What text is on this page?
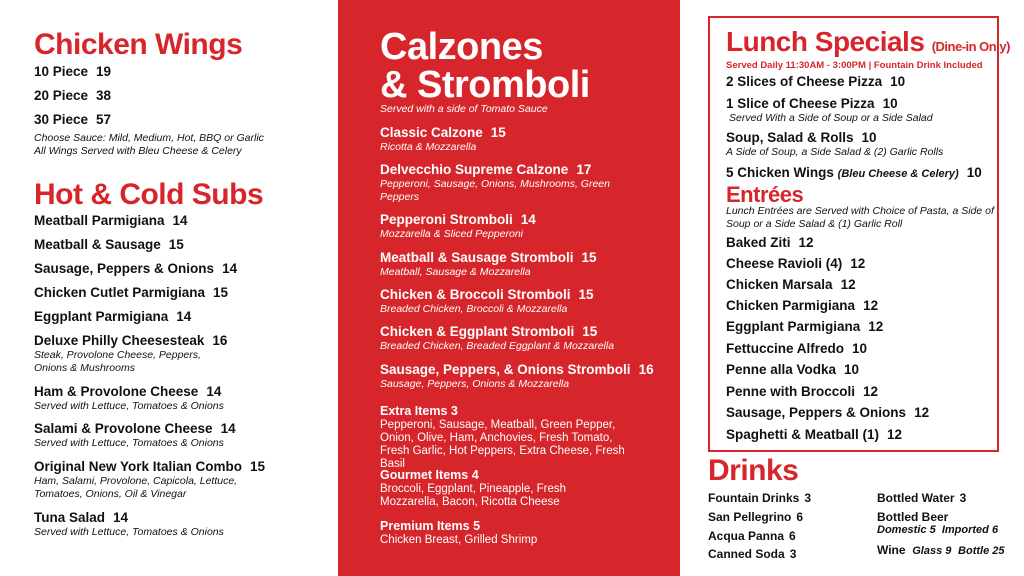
Chicken Wings
10 Piece 19
20 Piece 38
30 Piece 57
Choose Sauce: Mild, Medium, Hot, BBQ or Garlic
All Wings Served with Bleu Cheese & Celery
Hot & Cold Subs
Meatball Parmigiana 14
Meatball & Sausage 15
Sausage, Peppers & Onions 14
Chicken Cutlet Parmigiana 15
Eggplant Parmigiana 14
Deluxe Philly Cheesesteak 16
Steak, Provolone Cheese, Peppers, Onions & Mushrooms
Ham & Provolone Cheese 14
Served with Lettuce, Tomatoes & Onions
Salami & Provolone Cheese 14
Served with Lettuce, Tomatoes & Onions
Original New York Italian Combo 15
Ham, Salami, Provolone, Capicola, Lettuce, Tomatoes, Onions, Oil & Vinegar
Tuna Salad 14
Served with Lettuce, Tomatoes & Onions
Calzones
& Stromboli
Served with a side of Tomato Sauce
Classic Calzone 15
Ricotta & Mozzarella
Delvecchio Supreme Calzone 17
Pepperoni, Sausage, Onions, Mushrooms, Green Peppers
Pepperoni Stromboli 14
Mozzarella & Sliced Pepperoni
Meatball & Sausage Stromboli 15
Meatball, Sausage & Mozzarella
Chicken & Broccoli Stromboli 15
Breaded Chicken, Broccoli & Mozzarella
Chicken & Eggplant Stromboli 15
Breaded Chicken, Breaded Eggplant & Mozzarella
Sausage, Peppers, & Onions Stromboli 16
Sausage, Peppers, Onions & Mozzarella
Extra Items 3
Pepperoni, Sausage, Meatball, Green Pepper, Onion, Olive, Ham, Anchovies, Fresh Tomato, Fresh Garlic, Hot Peppers, Extra Cheese, Fresh Basil
Gourmet Items 4
Broccoli, Eggplant, Pineapple, Fresh Mozzarella, Bacon, Ricotta Cheese
Premium Items 5
Chicken Breast, Grilled Shrimp
Lunch Specials (Dine-in Only)
Served Daily 11:30AM - 3:00PM | Fountain Drink Included
2 Slices of Cheese Pizza 10
1 Slice of Cheese Pizza 10
Served With a Side of Soup or a Side Salad
Soup, Salad & Rolls 10
A Side of Soup, a Side Salad & (2) Garlic Rolls
5 Chicken Wings (Bleu Cheese & Celery) 10
Entrées
Lunch Entrées are Served with Choice of Pasta, a Side of Soup or a Side Salad & (1) Garlic Roll
Baked Ziti 12
Cheese Ravioli (4) 12
Chicken Marsala 12
Chicken Parmigiana 12
Eggplant Parmigiana 12
Fettuccine Alfredo 10
Penne alla Vodka 10
Penne with Broccoli 12
Sausage, Peppers & Onions 12
Spaghetti & Meatball (1) 12
Drinks
Fountain Drinks 3
San Pellegrino 6
Acqua Panna 6
Canned Soda 3
Bottled Water 3
Bottled Beer
Domestic 5 Imported 6
Wine Glass 9 Bottle 25
